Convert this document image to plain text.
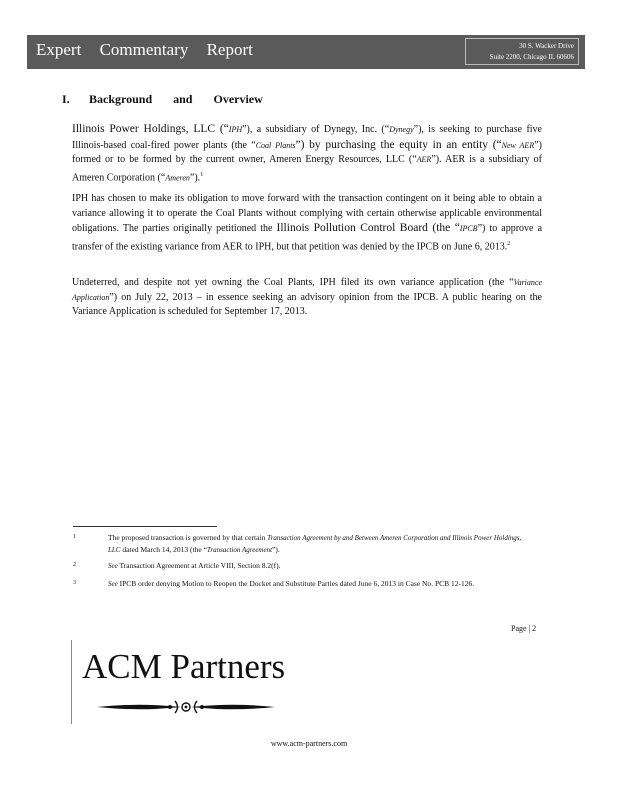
Expert Commentary Report	30 S. Wacker Drive
Suite 2200, Chicago IL 60606
I. Background and Overview
Illinois Power Holdings, LLC (“IPH”), a subsidiary of Dynegy, Inc. (“Dynegy”), is seeking to purchase five Illinois-based coal-fired power plants (the “Coal Plants”) by purchasing the equity in an entity (“New AER”) formed or to be formed by the current owner, Ameren Energy Resources, LLC (“AER”). AER is a subsidiary of Ameren Corporation (“Ameren”).$^1$
IPH has chosen to make its obligation to move forward with the transaction contingent on it being able to obtain a variance allowing it to operate the Coal Plants without complying with certain otherwise applicable environmental obligations. The parties originally petitioned the Illinois Pollution Control Board (the “IPCB”) to approve a transfer of the existing variance from AER to IPH, but that petition was denied by the IPCB on June 6, 2013.$^2$
Undeterred, and despite not yet owning the Coal Plants, IPH filed its own variance application (the “Variance Application”) on July 22, 2013 – in essence seeking an advisory opinion from the IPCB. A public hearing on the Variance Application is scheduled for September 17, 2013.
1	The proposed transaction is governed by that certain Transaction Agreement by and Between Ameren Corporation and Illinois Power Holdings, LLC dated March 14, 2013 (the “Transaction Agreement”).
2	See Transaction Agreement at Article VIII, Section 8.2(f).
3	See IPCB order denying Motion to Reopen the Docket and Substitute Parties dated June 6, 2013 in Case No. PCB 12-126.
Page | 2
ACM Partners
www.acm-partners.com
